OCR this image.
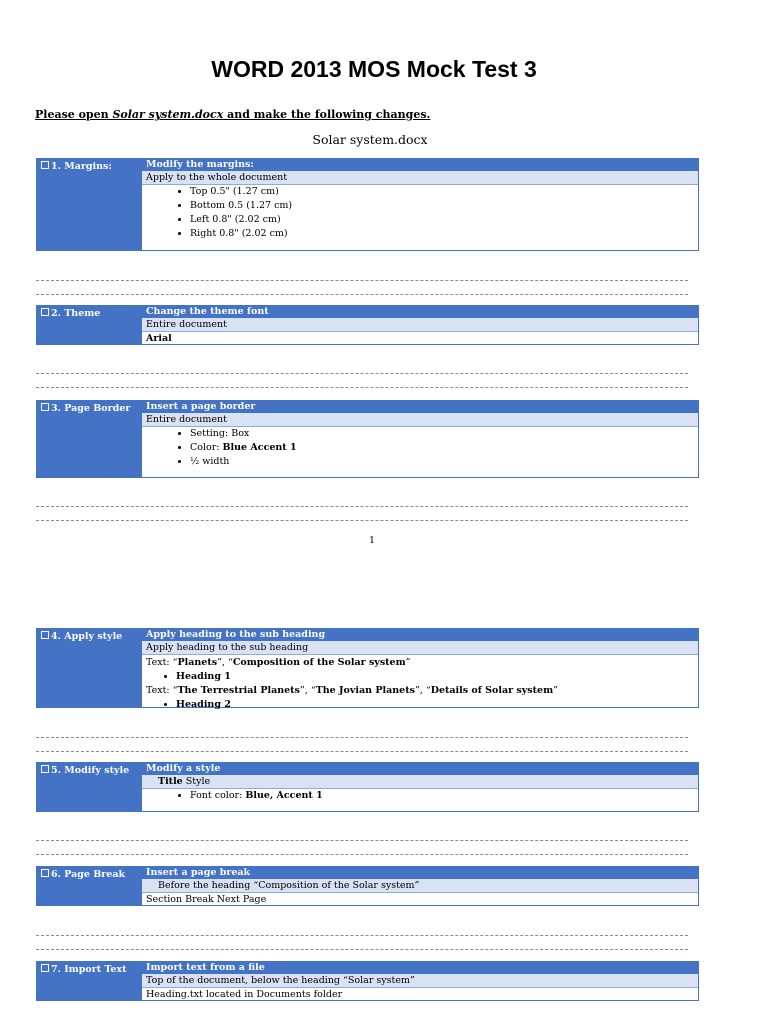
WORD 2013 MOS Mock Test 3
Please open Solar system.docx and make the following changes.
Solar system.docx
1. Margins:	Modify the margins:
Apply to the whole document
• Top 0.5" (1.27 cm)
• Bottom 0.5 (1.27 cm)
• Left 0.8" (2.02 cm)
• Right 0.8" (2.02 cm)
2. Theme	Change the theme font
Entire document
Arial
3. Page Border	Insert a page border
Entire document
• Setting: Box
• Color: Blue Accent 1
• ½ width
1
4. Apply style	Apply heading to the sub heading
Apply heading to the sub heading
Text: “Planets”, “Composition of the Solar system”
• Heading 1
Text: “The Terrestrial Planets”, “The Jovian Planets”, “Details of Solar system”
• Heading 2
5. Modify style	Modify a style
Title Style
• Font color: Blue, Accent 1
6. Page Break	Insert a page break
Before the heading “Composition of the Solar system”
Section Break Next Page
7. Import Text	Import text from a file
Top of the document, below the heading “Solar system”
Heading.txt located in Documents folder
